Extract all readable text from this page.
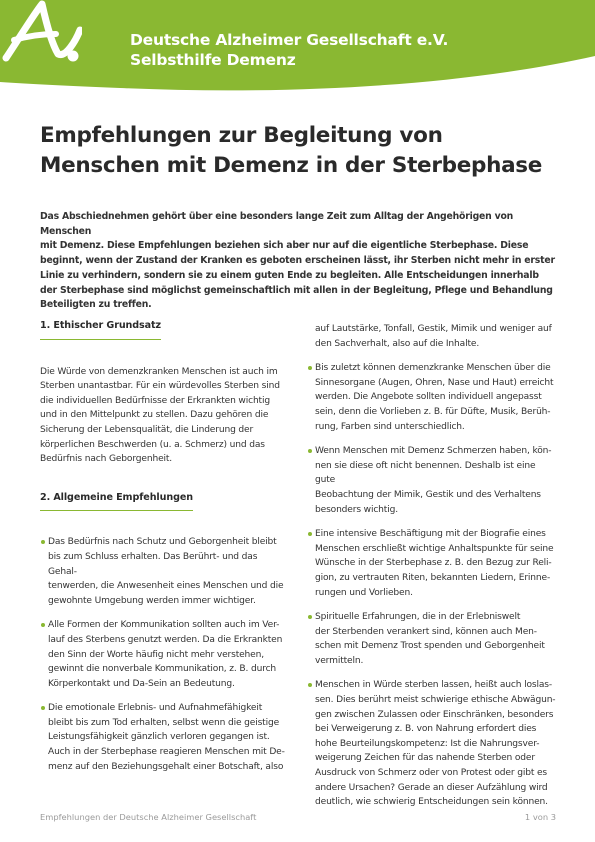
Deutsche Alzheimer Gesellschaft e.V.
Selbsthilfe Demenz
Empfehlungen zur Begleitung von
Menschen mit Demenz in der Sterbephase
Das Abschiednehmen gehört über eine besonders lange Zeit zum Alltag der Angehörigen von Menschen
mit Demenz. Diese Empfehlungen beziehen sich aber nur auf die eigentliche Sterbephase. Diese
beginnt, wenn der Zustand der Kranken es geboten erscheinen lässt, ihr Sterben nicht mehr in erster
Linie zu verhindern, sondern sie zu einem guten Ende zu begleiten. Alle Entscheidungen innerhalb
der Sterbephase sind möglichst gemeinschaftlich mit allen in der Begleitung, Pflege und Behandlung
Beteiligten zu treffen.
1. Ethischer Grundsatz
Die Würde von demenzkranken Menschen ist auch im
Sterben unantastbar. Für ein würdevolles Sterben sind
die individuellen Bedürfnisse der Erkrankten wichtig
und in den Mittelpunkt zu stellen. Dazu gehören die
Sicherung der Lebensqualität, die Linderung der
körperlichen Beschwerden (u. a. Schmerz) und das
Bedürfnis nach Geborgenheit.
2. Allgemeine Empfehlungen
Das Bedürfnis nach Schutz und Geborgenheit bleibt
bis zum Schluss erhalten. Das Berührt- und das Gehal-
tenwerden, die Anwesenheit eines Menschen und die
gewohnte Umgebung werden immer wichtiger.
Alle Formen der Kommunikation sollten auch im Ver-
lauf des Sterbens genutzt werden. Da die Erkrankten
den Sinn der Worte häufig nicht mehr verstehen,
gewinnt die nonverbale Kommunikation, z. B. durch
Körperkontakt und Da-Sein an Bedeutung.
Die emotionale Erlebnis- und Aufnahmefähigkeit
bleibt bis zum Tod erhalten, selbst wenn die geistige
Leistungsfähigkeit gänzlich verloren gegangen ist.
Auch in der Sterbephase reagieren Menschen mit De-
menz auf den Beziehungsgehalt einer Botschaft, also
auf Lautstärke, Tonfall, Gestik, Mimik und weniger auf
den Sachverhalt, also auf die Inhalte.
Bis zuletzt können demenzkranke Menschen über die
Sinnesorgane (Augen, Ohren, Nase und Haut) erreicht
werden. Die Angebote sollten individuell angepasst
sein, denn die Vorlieben z. B. für Düfte, Musik, Berüh-
rung, Farben sind unterschiedlich.
Wenn Menschen mit Demenz Schmerzen haben, kön-
nen sie diese oft nicht benennen. Deshalb ist eine gute
Beobachtung der Mimik, Gestik und des Verhaltens
besonders wichtig.
Eine intensive Beschäftigung mit der Biografie eines
Menschen erschließt wichtige Anhaltspunkte für seine
Wünsche in der Sterbephase z. B. den Bezug zur Reli-
gion, zu vertrauten Riten, bekannten Liedern, Erinne-
rungen und Vorlieben.
Spirituelle Erfahrungen, die in der Erlebniswelt
der Sterbenden verankert sind, können auch Men-
schen mit Demenz Trost spenden und Geborgenheit
vermitteln.
Menschen in Würde sterben lassen, heißt auch loslas-
sen. Dies berührt meist schwierige ethische Abwägun-
gen zwischen Zulassen oder Einschränken, besonders
bei Verweigerung z. B. von Nahrung erfordert dies
hohe Beurteilungskompetenz: Ist die Nahrungsver-
weigerung Zeichen für das nahende Sterben oder
Ausdruck von Schmerz oder von Protest oder gibt es
andere Ursachen? Gerade an dieser Aufzählung wird
deutlich, wie schwierig Entscheidungen sein können.
Empfehlungen der Deutsche Alzheimer Gesellschaft	1 von 3
